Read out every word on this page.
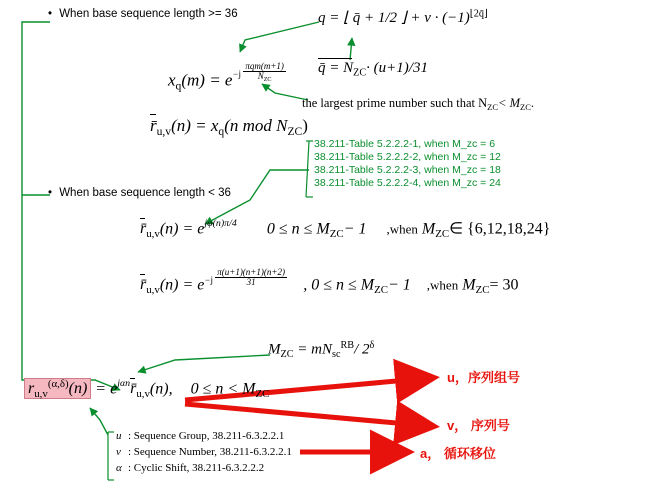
• When base sequence length >= 36
• When base sequence length < 36
$x_q(m) = e^{-j \frac{\text{πqm(m+1)}}{N_{ZC}}}$
$r̄_{u,v}(n) = x_q(n$ mod $N_{ZC}$)
q = ⌊ q̄ + 1/2 ⌋ + $v \cdot (-1)^{⌊2q̄⌋}$
q̄ = $N_{ZC}\cdot (u+1)/31$
the largest prime number such that $N_{ZC}< M_{ZC}$.
38.211-Table 5.2.2.2-1, when M_zc = 6
38.211-Table 5.2.2.2-2, when M_zc = 12
38.211-Table 5.2.2.2-3, when M_zc = 18
38.211-Table 5.2.2.2-4, when M_zc = 24
$r̄_{u,v}(n) = e^{j\varphi(n)\pi/4}$ $0 \le n \le M_{ZC}- 1$ ,when $M_{ZC}\in$ {6,12,18,24}
$r̄_{u,v}(n) = e^{-j \frac{\pi(u+1)(n+1)(n+2)}{31}}$ , $0 \le n \le M_{ZC}- 1$ ,when $M_{ZC}= 30$
$M_{ZC} = mN_{sc}^{RB}/$ $2^\delta$
$r_{u,v}^{(\alpha,\delta)}(n)$ = $e^{j\alpha n}r̄_{u,v}(n)$, $0 \le n < M_{ZC}$
u : Sequence Group, 38.211-6.3.2.2.1
v : Sequence Number, 38.211-6.3.2.2.1
α : Cyclic Shift, 38.211-6.3.2.2.2
u，序列组号
v， 序列号
a， 循环移位
